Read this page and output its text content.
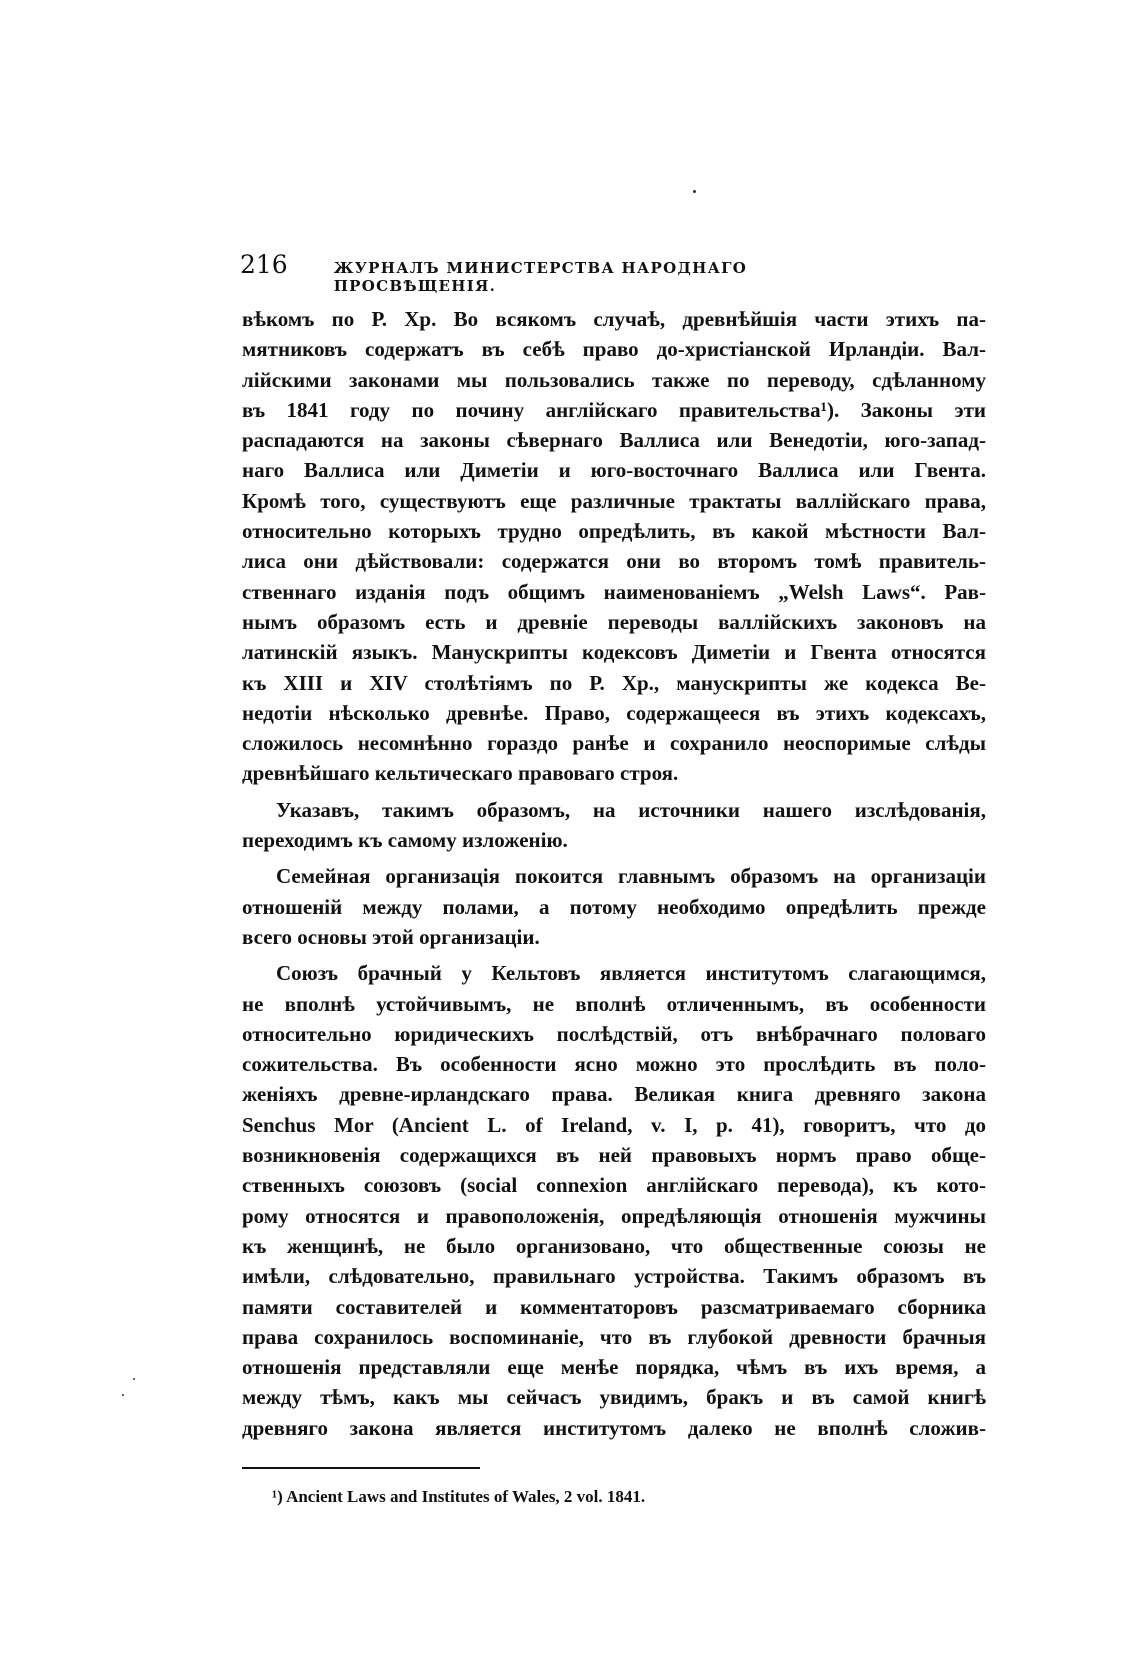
216	ЖУРНАЛЪ МИНИСТЕРСТВА НАРОДНАГО ПРОСВѢЩЕНІЯ.
вѣкомъ по Р. Хр. Во всякомъ случаѣ, древнѣйшія части этихъ па-
мятниковъ содержатъ въ себѣ право до-христіанской Ирландіи. Вал-
лійскими законами мы пользовались также по переводу, сдѣланному
въ 1841 году по почину англійскаго правительства¹). Законы эти
распадаются на законы сѣвернаго Валлиса или Венедотіи, юго-запад-
наго Валлиса или Диметіи и юго-восточнаго Валлиса или Гвента.
Кромѣ того, существуютъ еще различные трактаты валлійскаго права,
относительно которыхъ трудно опредѣлить, въ какой мѣстности Вал-
лиса они дѣйствовали: содержатся они во второмъ томѣ правитель-
ственнаго изданія подъ общимъ наименованіемъ „Welsh Laws“. Рав-
нымъ образомъ есть и древніе переводы валлійскихъ законовъ на
латинскій языкъ. Манускрипты кодексовъ Диметіи и Гвента относятся
къ XIII и XIV столѣтіямъ по Р. Хр., манускрипты же кодекса Ве-
недотіи нѣсколько древнѣе. Право, содержащееся въ этихъ кодексахъ,
сложилось несомнѣнно гораздо ранѣе и сохранило неоспоримые слѣды
древнѣйшаго кельтическаго правоваго строя.
Указавъ, такимъ образомъ, на источники нашего изслѣдованія,
переходимъ къ самому изложенію.
Семейная организація покоится главнымъ образомъ на организаціи
отношеній между полами, а потому необходимо опредѣлить прежде
всего основы этой организаціи.
Союзъ брачный у Кельтовъ является институтомъ слагающимся,
не вполнѣ устойчивымъ, не вполнѣ отличеннымъ, въ особенности
относительно юридическихъ послѣдствій, отъ внѣбрачнаго половаго
сожительства. Въ особенности ясно можно это прослѣдить въ поло-
женіяхъ древне-ирландскаго права. Великая книга древняго закона
Senchus Mor (Ancient L. of Ireland, v. I, p. 41), говоритъ, что до
возникновенія содержащихся въ ней правовыхъ нормъ право обще-
ственныхъ союзовъ (social connexion англійскаго перевода), къ кото-
рому относятся и правоположенія, опредѣляющія отношенія мужчины
къ женщинѣ, не было организовано, что общественные союзы не
имѣли, слѣдовательно, правильнаго устройства. Такимъ образомъ въ
памяти составителей и комментаторовъ разсматриваемаго сборника
права сохранилось воспоминаніе, что въ глубокой древности брачныя
отношенія представляли еще менѣе порядка, чѣмъ въ ихъ время, а
между тѣмъ, какъ мы сейчасъ увидимъ, бракъ и въ самой книгѣ
древняго закона является институтомъ далеко не вполнѣ сложив-
¹) Ancient Laws and Institutes of Wales, 2 vol. 1841.
